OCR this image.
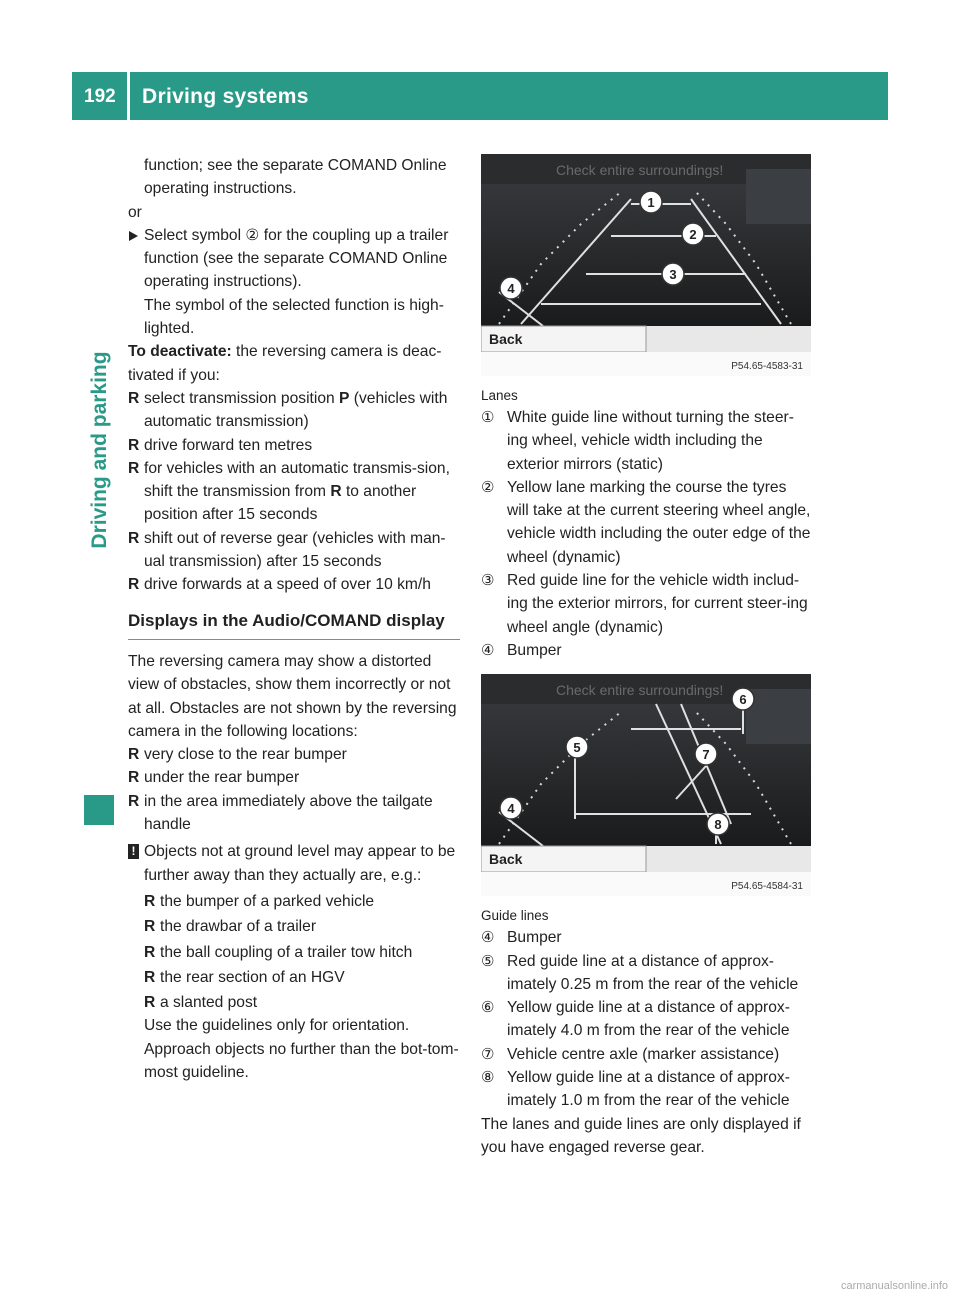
192 Driving systems
Driving and parking

function; see the separate COMAND Online operating instructions.

or

Select symbol ② for the coupling up a trailer function (see the separate COMAND Online operating instructions).

The symbol of the selected function is high-lighted.

To deactivate: the reversing camera is deac-tivated if you:

R select transmission position P (vehicles with automatic transmission)

R drive forward ten metres

R for vehicles with an automatic transmis-sion, shift the transmission from R to another position after 15 seconds

R shift out of reverse gear (vehicles with man-ual transmission) after 15 seconds

R drive forwards at a speed of over 10 km/h

Displays in the Audio/COMAND display

The reversing camera may show a distorted view of obstacles, show them incorrectly or not at all. Obstacles are not shown by the reversing camera in the following locations:

R very close to the rear bumper

R under the rear bumper

R in the area immediately above the tailgate handle

! Objects not at ground level may appear to be further away than they actually are, e.g.:

R the bumper of a parked vehicle

R the drawbar of a trailer

R the ball coupling of a trailer tow hitch

R the rear section of an HGV

R a slanted post

Use the guidelines only for orientation. Approach objects no further than the bot-tom-most guideline.

Check entire surroundings!
1
2
3
4
Back
P54.65-4583-31

Lanes

① White guide line without turning the steer-ing wheel, vehicle width including the exterior mirrors (static)

② Yellow lane marking the course the tyres will take at the current steering wheel angle, vehicle width including the outer edge of the wheel (dynamic)

③ Red guide line for the vehicle width includ-ing the exterior mirrors, for current steer-ing wheel angle (dynamic)

④ Bumper

Check entire surroundings!
4
5
6
7
8
Back
P54.65-4584-31

Guide lines

④ Bumper

⑤ Red guide line at a distance of approx-imately 0.25 m from the rear of the vehicle

⑥ Yellow guide line at a distance of approx-imately 4.0 m from the rear of the vehicle

⑦ Vehicle centre axle (marker assistance)

⑧ Yellow guide line at a distance of approx-imately 1.0 m from the rear of the vehicle

The lanes and guide lines are only displayed if you have engaged reverse gear.

carmanualsonline.info
